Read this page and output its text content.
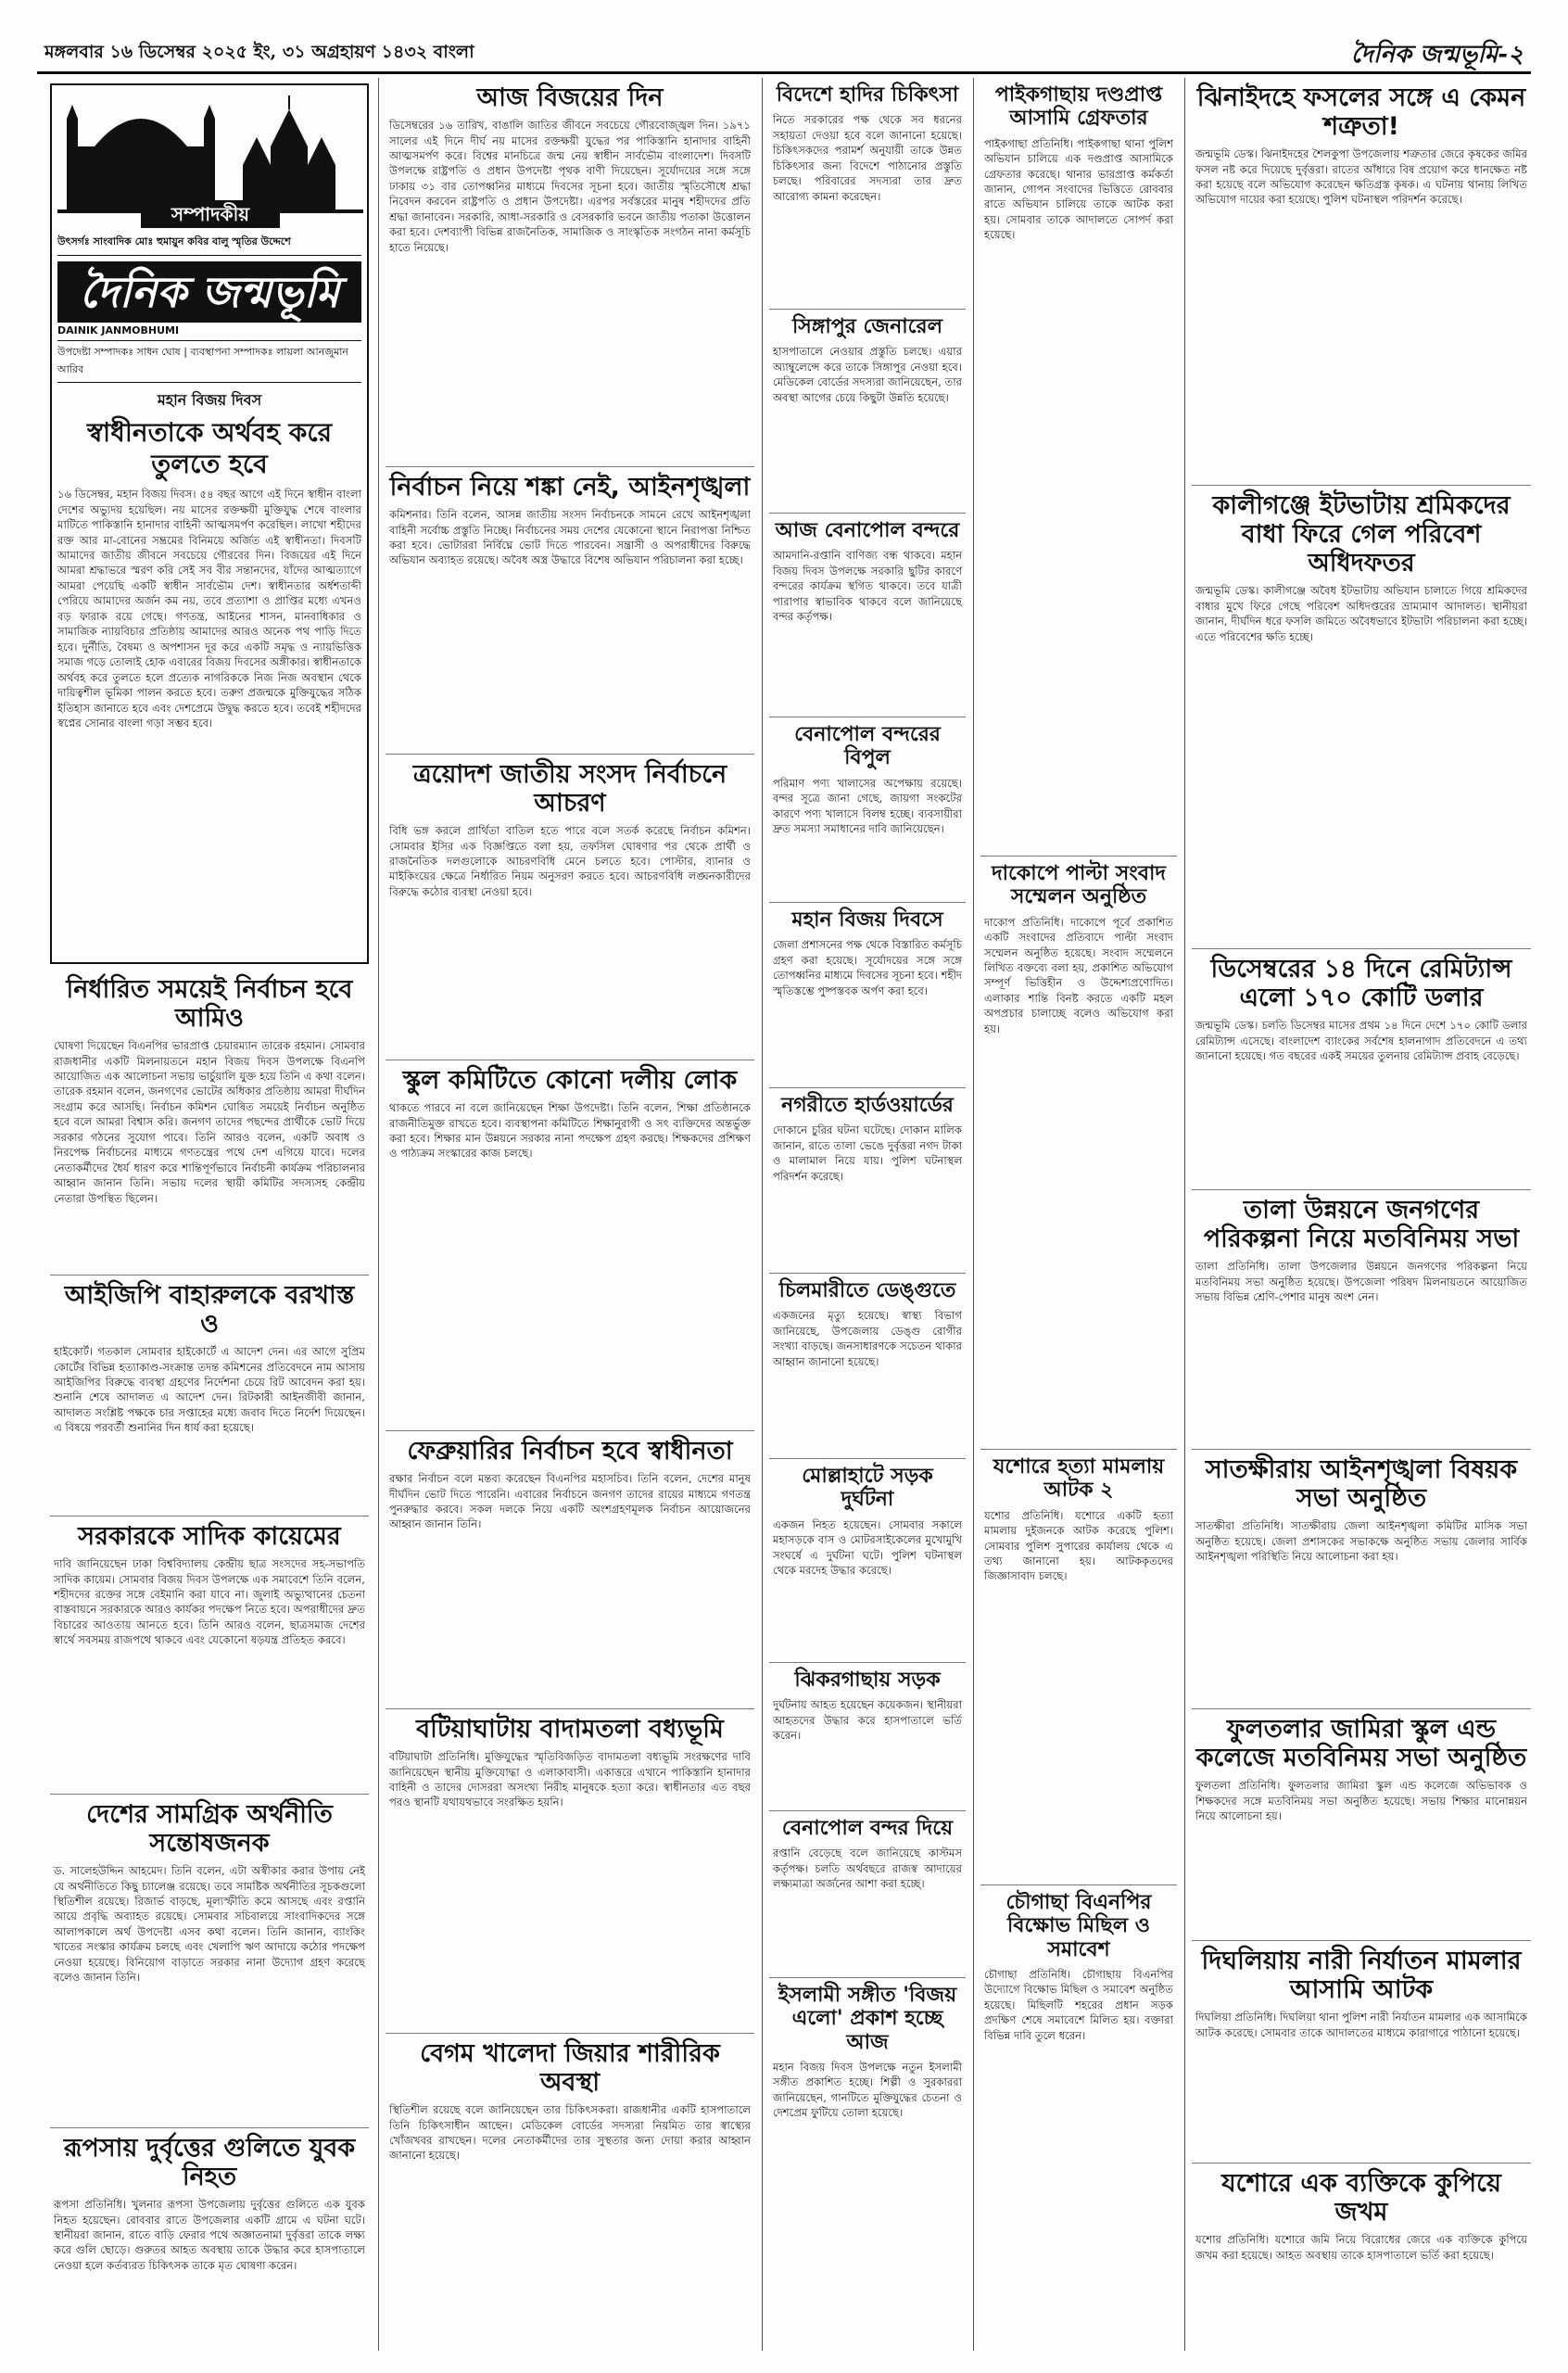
মঙ্গলবার ১৬ ডিসেম্বর ২০২৫ ইং, ৩১ অগ্রহায়ণ ১৪৩২ বাংলা	দৈনিক জন্মভূমি-২
সম্পাদকীয়
উৎসর্গঃ সাংবাদিক মোঃ হুমায়ুন কবির বালু স্মৃতির উদ্দেশে
দৈনিক জন্মভূমি
DAINIK JANMOBHUMI
উপদেষ্টা সম্পাদকঃ সাধন ঘোষ | ব্যবস্থাপনা সম্পাদকঃ লায়লা আনজুমান আরিব
মহান বিজয় দিবস
স্বাধীনতাকে অর্থবহ করে তুলতে হবে
১৬ ডিসেম্বর, মহান বিজয় দিবস। ৫৪ বছর আগে এই দিনে স্বাধীন বাংলা দেশের অভ্যুদয় হয়েছিল। নয় মাসের রক্তক্ষয়ী মুক্তিযুদ্ধ শেষে বাংলার মাটিতে পাকিস্তানি হানাদার বাহিনী আত্মসমর্পণ করেছিল। লাখো শহীদের রক্ত আর মা-বোনের সম্ভ্রমের বিনিময়ে অর্জিত এই স্বাধীনতা। দিবসটি আমাদের জাতীয় জীবনে সবচেয়ে গৌরবের দিন। বিজয়ের এই দিনে আমরা শ্রদ্ধাভরে স্মরণ করি সেই সব বীর সন্তানদের, যাঁদের আত্মত্যাগে আমরা পেয়েছি একটি স্বাধীন সার্বভৌম দেশ। স্বাধীনতার অর্ধশতাব্দী পেরিয়ে আমাদের অর্জন কম নয়, তবে প্রত্যাশা ও প্রাপ্তির মধ্যে এখনও বড় ফারাক রয়ে গেছে। গণতন্ত্র, আইনের শাসন, মানবাধিকার ও সামাজিক ন্যায়বিচার প্রতিষ্ঠায় আমাদের আরও অনেক পথ পাড়ি দিতে হবে। দুর্নীতি, বৈষম্য ও অপশাসন দূর করে একটি সমৃদ্ধ ও ন্যায়ভিত্তিক সমাজ গড়ে তোলাই হোক এবারের বিজয় দিবসের অঙ্গীকার। স্বাধীনতাকে অর্থবহ করে তুলতে হলে প্রত্যেক নাগরিককে নিজ নিজ অবস্থান থেকে দায়িত্বশীল ভূমিকা পালন করতে হবে। তরুণ প্রজন্মকে মুক্তিযুদ্ধের সঠিক ইতিহাস জানাতে হবে এবং দেশপ্রেমে উদ্বুদ্ধ করতে হবে। তবেই শহীদদের স্বপ্নের সোনার বাংলা গড়া সম্ভব হবে।
নির্ধারিত সময়েই নির্বাচন হবে আমিও
ঘোষণা দিয়েছেন বিএনপির ভারপ্রাপ্ত চেয়ারম্যান তারেক রহমান। সোমবার রাজধানীর একটি মিলনায়তনে মহান বিজয় দিবস উপলক্ষে বিএনপি আয়োজিত এক আলোচনা সভায় ভার্চুয়ালি যুক্ত হয়ে তিনি এ কথা বলেন। তারেক রহমান বলেন, জনগণের ভোটের অধিকার প্রতিষ্ঠায় আমরা দীর্ঘদিন সংগ্রাম করে আসছি। নির্বাচন কমিশন ঘোষিত সময়েই নির্বাচন অনুষ্ঠিত হবে বলে আমরা বিশ্বাস করি। জনগণ তাদের পছন্দের প্রার্থীকে ভোট দিয়ে সরকার গঠনের সুযোগ পাবে। তিনি আরও বলেন, একটি অবাধ ও নিরপেক্ষ নির্বাচনের মাধ্যমে গণতন্ত্রের পথে দেশ এগিয়ে যাবে। দলের নেতাকর্মীদের ধৈর্য ধারণ করে শান্তিপূর্ণভাবে নির্বাচনী কার্যক্রম পরিচালনার আহ্বান জানান তিনি। সভায় দলের স্থায়ী কমিটির সদস্যসহ কেন্দ্রীয় নেতারা উপস্থিত ছিলেন।
আইজিপি বাহারুলকে বরখাস্ত ও
হাইকোর্ট। গতকাল সোমবার হাইকোর্টে এ আদেশ দেন। এর আগে সুপ্রিম কোর্টের বিভিন্ন হত্যাকাণ্ড-সংক্রান্ত তদন্ত কমিশনের প্রতিবেদনে নাম আসায় আইজিপির বিরুদ্ধে ব্যবস্থা গ্রহণের নির্দেশনা চেয়ে রিট আবেদন করা হয়। শুনানি শেষে আদালত এ আদেশ দেন। রিটকারী আইনজীবী জানান, আদালত সংশ্লিষ্ট পক্ষকে চার সপ্তাহের মধ্যে জবাব দিতে নির্দেশ দিয়েছেন। এ বিষয়ে পরবর্তী শুনানির দিন ধার্য করা হয়েছে।
সরকারকে সাদিক কায়েমের
দাবি জানিয়েছেন ঢাকা বিশ্ববিদ্যালয় কেন্দ্রীয় ছাত্র সংসদের সহ-সভাপতি সাদিক কায়েম। সোমবার বিজয় দিবস উপলক্ষে এক সমাবেশে তিনি বলেন, শহীদদের রক্তের সঙ্গে বেইমানি করা যাবে না। জুলাই অভ্যুত্থানের চেতনা বাস্তবায়নে সরকারকে আরও কার্যকর পদক্ষেপ নিতে হবে। অপরাধীদের দ্রুত বিচারের আওতায় আনতে হবে। তিনি আরও বলেন, ছাত্রসমাজ দেশের স্বার্থে সবসময় রাজপথে থাকবে এবং যেকোনো ষড়যন্ত্র প্রতিহত করবে।
দেশের সামগ্রিক অর্থনীতি সন্তোষজনক
ড. সালেহউদ্দিন আহমেদ। তিনি বলেন, এটা অস্বীকার করার উপায় নেই যে অর্থনীতিতে কিছু চ্যালেঞ্জ রয়েছে। তবে সামষ্টিক অর্থনীতির সূচকগুলো স্থিতিশীল রয়েছে। রিজার্ভ বাড়ছে, মূল্যস্ফীতি কমে আসছে এবং রপ্তানি আয়ে প্রবৃদ্ধি অব্যাহত রয়েছে। সোমবার সচিবালয়ে সাংবাদিকদের সঙ্গে আলাপকালে অর্থ উপদেষ্টা এসব কথা বলেন। তিনি জানান, ব্যাংকিং খাতের সংস্কার কার্যক্রম চলছে এবং খেলাপি ঋণ আদায়ে কঠোর পদক্ষেপ নেওয়া হয়েছে। বিনিয়োগ বাড়াতে সরকার নানা উদ্যোগ গ্রহণ করেছে বলেও জানান তিনি।
রূপসায় দুর্বৃত্তের গুলিতে যুবক নিহত
রূপসা প্রতিনিধি। খুলনার রূপসা উপজেলায় দুর্বৃত্তের গুলিতে এক যুবক নিহত হয়েছেন। রোববার রাতে উপজেলার একটি গ্রামে এ ঘটনা ঘটে। স্থানীয়রা জানান, রাতে বাড়ি ফেরার পথে অজ্ঞাতনামা দুর্বৃত্তরা তাকে লক্ষ্য করে গুলি ছোড়ে। গুরুতর আহত অবস্থায় তাকে উদ্ধার করে হাসপাতালে নেওয়া হলে কর্তব্যরত চিকিৎসক তাকে মৃত ঘোষণা করেন।
আজ বিজয়ের দিন
ডিসেম্বরের ১৬ তারিখ, বাঙালি জাতির জীবনে সবচেয়ে গৌরবোজ্জ্বল দিন। ১৯৭১ সালের এই দিনে দীর্ঘ নয় মাসের রক্তক্ষয়ী যুদ্ধের পর পাকিস্তানি হানাদার বাহিনী আত্মসমর্পণ করে। বিশ্বের মানচিত্রে জন্ম নেয় স্বাধীন সার্বভৌম বাংলাদেশ। দিবসটি উপলক্ষে রাষ্ট্রপতি ও প্রধান উপদেষ্টা পৃথক বাণী দিয়েছেন। সূর্যোদয়ের সঙ্গে সঙ্গে ঢাকায় ৩১ বার তোপধ্বনির মাধ্যমে দিবসের সূচনা হবে। জাতীয় স্মৃতিসৌধে শ্রদ্ধা নিবেদন করবেন রাষ্ট্রপতি ও প্রধান উপদেষ্টা। এরপর সর্বস্তরের মানুষ শহীদদের প্রতি শ্রদ্ধা জানাবেন। সরকারি, আধা-সরকারি ও বেসরকারি ভবনে জাতীয় পতাকা উত্তোলন করা হবে। দেশব্যাপী বিভিন্ন রাজনৈতিক, সামাজিক ও সাংস্কৃতিক সংগঠন নানা কর্মসূচি হাতে নিয়েছে।
নির্বাচন নিয়ে শঙ্কা নেই, আইনশৃঙ্খলা
কমিশনার। তিনি বলেন, আসন্ন জাতীয় সংসদ নির্বাচনকে সামনে রেখে আইনশৃঙ্খলা বাহিনী সর্বোচ্চ প্রস্তুতি নিচ্ছে। নির্বাচনের সময় দেশের যেকোনো স্থানে নিরাপত্তা নিশ্চিত করা হবে। ভোটাররা নির্বিঘ্নে ভোট দিতে পারবেন। সন্ত্রাসী ও অপরাধীদের বিরুদ্ধে অভিযান অব্যাহত রয়েছে। অবৈধ অস্ত্র উদ্ধারে বিশেষ অভিযান পরিচালনা করা হচ্ছে।
ত্রয়োদশ জাতীয় সংসদ নির্বাচনে আচরণ
বিধি ভঙ্গ করলে প্রার্থিতা বাতিল হতে পারে বলে সতর্ক করেছে নির্বাচন কমিশন। সোমবার ইসির এক বিজ্ঞপ্তিতে বলা হয়, তফসিল ঘোষণার পর থেকে প্রার্থী ও রাজনৈতিক দলগুলোকে আচরণবিধি মেনে চলতে হবে। পোস্টার, ব্যানার ও মাইকিংয়ের ক্ষেত্রে নির্ধারিত নিয়ম অনুসরণ করতে হবে। আচরণবিধি লঙ্ঘনকারীদের বিরুদ্ধে কঠোর ব্যবস্থা নেওয়া হবে।
স্কুল কমিটিতে কোনো দলীয় লোক
থাকতে পারবে না বলে জানিয়েছেন শিক্ষা উপদেষ্টা। তিনি বলেন, শিক্ষা প্রতিষ্ঠানকে রাজনীতিমুক্ত রাখতে হবে। ব্যবস্থাপনা কমিটিতে শিক্ষানুরাগী ও সৎ ব্যক্তিদের অন্তর্ভুক্ত করা হবে। শিক্ষার মান উন্নয়নে সরকার নানা পদক্ষেপ গ্রহণ করছে। শিক্ষকদের প্রশিক্ষণ ও পাঠ্যক্রম সংস্কারের কাজ চলছে।
ফেব্রুয়ারির নির্বাচন হবে স্বাধীনতা
রক্ষার নির্বাচন বলে মন্তব্য করেছেন বিএনপির মহাসচিব। তিনি বলেন, দেশের মানুষ দীর্ঘদিন ভোট দিতে পারেনি। এবারের নির্বাচনে জনগণ তাদের রায়ের মাধ্যমে গণতন্ত্র পুনরুদ্ধার করবে। সকল দলকে নিয়ে একটি অংশগ্রহণমূলক নির্বাচন আয়োজনের আহ্বান জানান তিনি।
বটিয়াঘাটায় বাদামতলা বধ্যভূমি
বটিয়াঘাটা প্রতিনিধি। মুক্তিযুদ্ধের স্মৃতিবিজড়িত বাদামতলা বধ্যভূমি সংরক্ষণের দাবি জানিয়েছেন স্থানীয় মুক্তিযোদ্ধা ও এলাকাবাসী। একাত্তরে এখানে পাকিস্তানি হানাদার বাহিনী ও তাদের দোসররা অসংখ্য নিরীহ মানুষকে হত্যা করে। স্বাধীনতার এত বছর পরও স্থানটি যথাযথভাবে সংরক্ষিত হয়নি।
বেগম খালেদা জিয়ার শারীরিক অবস্থা
স্থিতিশীল রয়েছে বলে জানিয়েছেন তার চিকিৎসকরা। রাজধানীর একটি হাসপাতালে তিনি চিকিৎসাধীন আছেন। মেডিকেল বোর্ডের সদস্যরা নিয়মিত তার স্বাস্থ্যের খোঁজখবর রাখছেন। দলের নেতাকর্মীদের তার সুস্থতার জন্য দোয়া করার আহ্বান জানানো হয়েছে।
বিদেশে হাদির চিকিৎসা
নিতে সরকারের পক্ষ থেকে সব ধরনের সহায়তা দেওয়া হবে বলে জানানো হয়েছে। চিকিৎসকদের পরামর্শ অনুযায়ী তাকে উন্নত চিকিৎসার জন্য বিদেশে পাঠানোর প্রস্তুতি চলছে। পরিবারের সদস্যরা তার দ্রুত আরোগ্য কামনা করেছেন।
সিঙ্গাপুর জেনারেল
হাসপাতালে নেওয়ার প্রস্তুতি চলছে। এয়ার অ্যাম্বুলেন্সে করে তাকে সিঙ্গাপুর নেওয়া হবে। মেডিকেল বোর্ডের সদস্যরা জানিয়েছেন, তার অবস্থা আগের চেয়ে কিছুটা উন্নতি হয়েছে।
আজ বেনাপোল বন্দরে
আমদানি-রপ্তানি বাণিজ্য বন্ধ থাকবে। মহান বিজয় দিবস উপলক্ষে সরকারি ছুটির কারণে বন্দরের কার্যক্রম স্থগিত থাকবে। তবে যাত্রী পারাপার স্বাভাবিক থাকবে বলে জানিয়েছে বন্দর কর্তৃপক্ষ।
বেনাপোল বন্দরের বিপুল
পরিমাণ পণ্য খালাসের অপেক্ষায় রয়েছে। বন্দর সূত্রে জানা গেছে, জায়গা সংকটের কারণে পণ্য খালাসে বিলম্ব হচ্ছে। ব্যবসায়ীরা দ্রুত সমস্যা সমাধানের দাবি জানিয়েছেন।
মহান বিজয় দিবসে
জেলা প্রশাসনের পক্ষ থেকে বিস্তারিত কর্মসূচি গ্রহণ করা হয়েছে। সূর্যোদয়ের সঙ্গে সঙ্গে তোপধ্বনির মাধ্যমে দিবসের সূচনা হবে। শহীদ স্মৃতিস্তম্ভে পুষ্পস্তবক অর্পণ করা হবে।
নগরীতে হার্ডওয়ার্ডের
দোকানে চুরির ঘটনা ঘটেছে। দোকান মালিক জানান, রাতে তালা ভেঙে দুর্বৃত্তরা নগদ টাকা ও মালামাল নিয়ে যায়। পুলিশ ঘটনাস্থল পরিদর্শন করেছে।
চিলমারীতে ডেঙ্গুতে
একজনের মৃত্যু হয়েছে। স্বাস্থ্য বিভাগ জানিয়েছে, উপজেলায় ডেঙ্গু রোগীর সংখ্যা বাড়ছে। জনসাধারণকে সচেতন থাকার আহ্বান জানানো হয়েছে।
মোল্লাহাটে সড়ক দুর্ঘটনা
একজন নিহত হয়েছেন। সোমবার সকালে মহাসড়কে বাস ও মোটরসাইকেলের মুখোমুখি সংঘর্ষে এ দুর্ঘটনা ঘটে। পুলিশ ঘটনাস্থল থেকে মরদেহ উদ্ধার করেছে।
ঝিকরগাছায় সড়ক
দুর্ঘটনায় আহত হয়েছেন কয়েকজন। স্থানীয়রা আহতদের উদ্ধার করে হাসপাতালে ভর্তি করেন।
বেনাপোল বন্দর দিয়ে
রপ্তানি বেড়েছে বলে জানিয়েছে কাস্টমস কর্তৃপক্ষ। চলতি অর্থবছরে রাজস্ব আদায়ের লক্ষ্যমাত্রা অর্জনের আশা করা হচ্ছে।
ইসলামী সঙ্গীত 'বিজয় এলো' প্রকাশ হচ্ছে আজ
মহান বিজয় দিবস উপলক্ষে নতুন ইসলামী সঙ্গীত প্রকাশিত হচ্ছে। শিল্পী ও সুরকাররা জানিয়েছেন, গানটিতে মুক্তিযুদ্ধের চেতনা ও দেশপ্রেম ফুটিয়ে তোলা হয়েছে।
পাইকগাছায় দণ্ডপ্রাপ্ত আসামি গ্রেফতার
পাইকগাছা প্রতিনিধি। পাইকগাছা থানা পুলিশ অভিযান চালিয়ে এক দণ্ডপ্রাপ্ত আসামিকে গ্রেফতার করেছে। থানার ভারপ্রাপ্ত কর্মকর্তা জানান, গোপন সংবাদের ভিত্তিতে রোববার রাতে অভিযান চালিয়ে তাকে আটক করা হয়। সোমবার তাকে আদালতে সোপর্দ করা হয়েছে।
দাকোপে পাল্টা সংবাদ সম্মেলন অনুষ্ঠিত
দাকোপ প্রতিনিধি। দাকোপে পূর্বে প্রকাশিত একটি সংবাদের প্রতিবাদে পাল্টা সংবাদ সম্মেলন অনুষ্ঠিত হয়েছে। সংবাদ সম্মেলনে লিখিত বক্তব্যে বলা হয়, প্রকাশিত অভিযোগ সম্পূর্ণ ভিত্তিহীন ও উদ্দেশ্যপ্রণোদিত। এলাকার শান্তি বিনষ্ট করতে একটি মহল অপপ্রচার চালাচ্ছে বলেও অভিযোগ করা হয়।
যশোরে হত্যা মামলায় আটক ২
যশোর প্রতিনিধি। যশোরে একটি হত্যা মামলায় দুইজনকে আটক করেছে পুলিশ। সোমবার পুলিশ সুপারের কার্যালয় থেকে এ তথ্য জানানো হয়। আটককৃতদের জিজ্ঞাসাবাদ চলছে।
চৌগাছা বিএনপির বিক্ষোভ মিছিল ও সমাবেশ
চৌগাছা প্রতিনিধি। চৌগাছায় বিএনপির উদ্যোগে বিক্ষোভ মিছিল ও সমাবেশ অনুষ্ঠিত হয়েছে। মিছিলটি শহরের প্রধান সড়ক প্রদক্ষিণ শেষে সমাবেশে মিলিত হয়। বক্তারা বিভিন্ন দাবি তুলে ধরেন।
ঝিনাইদহে ফসলের সঙ্গে এ কেমন শত্রুতা!
জন্মভূমি ডেস্ক। ঝিনাইদহের শৈলকুপা উপজেলায় শত্রুতার জেরে কৃষকের জমির ফসল নষ্ট করে দিয়েছে দুর্বৃত্তরা। রাতের আঁধারে বিষ প্রয়োগ করে ধানক্ষেত নষ্ট করা হয়েছে বলে অভিযোগ করেছেন ক্ষতিগ্রস্ত কৃষক। এ ঘটনায় থানায় লিখিত অভিযোগ দায়ের করা হয়েছে। পুলিশ ঘটনাস্থল পরিদর্শন করেছে।
কালীগঞ্জে ইটভাটায় শ্রমিকদের বাধা ফিরে গেল পরিবেশ অধিদফতর
জন্মভূমি ডেস্ক। কালীগঞ্জে অবৈধ ইটভাটায় অভিযান চালাতে গিয়ে শ্রমিকদের বাধার মুখে ফিরে গেছে পরিবেশ অধিদপ্তরের ভ্রাম্যমাণ আদালত। স্থানীয়রা জানান, দীর্ঘদিন ধরে ফসলি জমিতে অবৈধভাবে ইটভাটা পরিচালনা করা হচ্ছে। এতে পরিবেশের ক্ষতি হচ্ছে।
ডিসেম্বরের ১৪ দিনে রেমিট্যান্স এলো ১৭০ কোটি ডলার
জন্মভূমি ডেস্ক। চলতি ডিসেম্বর মাসের প্রথম ১৪ দিনে দেশে ১৭০ কোটি ডলার রেমিট্যান্স এসেছে। বাংলাদেশ ব্যাংকের সর্বশেষ হালনাগাদ প্রতিবেদনে এ তথ্য জানানো হয়েছে। গত বছরের একই সময়ের তুলনায় রেমিট্যান্স প্রবাহ বেড়েছে।
তালা উন্নয়নে জনগণের পরিকল্পনা নিয়ে মতবিনিময় সভা
তালা প্রতিনিধি। তালা উপজেলার উন্নয়নে জনগণের পরিকল্পনা নিয়ে মতবিনিময় সভা অনুষ্ঠিত হয়েছে। উপজেলা পরিষদ মিলনায়তনে আয়োজিত সভায় বিভিন্ন শ্রেণি-পেশার মানুষ অংশ নেন।
সাতক্ষীরায় আইনশৃঙ্খলা বিষয়ক সভা অনুষ্ঠিত
সাতক্ষীরা প্রতিনিধি। সাতক্ষীরায় জেলা আইনশৃঙ্খলা কমিটির মাসিক সভা অনুষ্ঠিত হয়েছে। জেলা প্রশাসকের সভাকক্ষে অনুষ্ঠিত সভায় জেলার সার্বিক আইনশৃঙ্খলা পরিস্থিতি নিয়ে আলোচনা করা হয়।
ফুলতলার জামিরা স্কুল এন্ড কলেজে মতবিনিময় সভা অনুষ্ঠিত
ফুলতলা প্রতিনিধি। ফুলতলার জামিরা স্কুল এন্ড কলেজে অভিভাবক ও শিক্ষকদের সঙ্গে মতবিনিময় সভা অনুষ্ঠিত হয়েছে। সভায় শিক্ষার মানোন্নয়ন নিয়ে আলোচনা হয়।
দিঘলিয়ায় নারী নির্যাতন মামলার আসামি আটক
দিঘলিয়া প্রতিনিধি। দিঘলিয়া থানা পুলিশ নারী নির্যাতন মামলার এক আসামিকে আটক করেছে। সোমবার তাকে আদালতের মাধ্যমে কারাগারে পাঠানো হয়েছে।
যশোরে এক ব্যক্তিকে কুপিয়ে জখম
যশোর প্রতিনিধি। যশোরে জমি নিয়ে বিরোধের জেরে এক ব্যক্তিকে কুপিয়ে জখম করা হয়েছে। আহত অবস্থায় তাকে হাসপাতালে ভর্তি করা হয়েছে।
